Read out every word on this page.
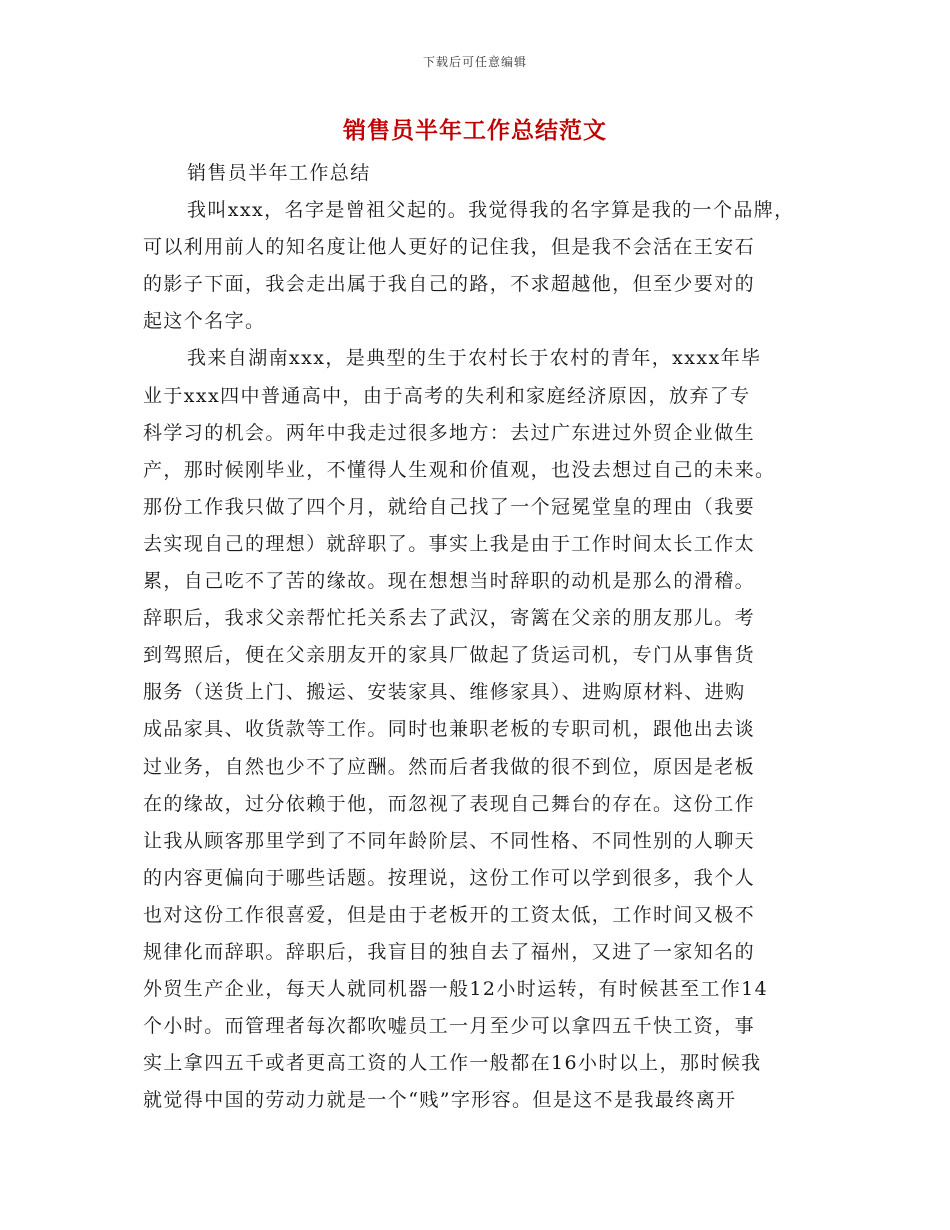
下载后可任意编辑
销售员半年工作总结范文
销售员半年工作总结
我叫xxx，名字是曾祖父起的。我觉得我的名字算是我的一个品牌，
可以利用前人的知名度让他人更好的记住我，但是我不会活在王安石
的影子下面，我会走出属于我自己的路，不求超越他，但至少要对的
起这个名字。
我来自湖南xxx，是典型的生于农村长于农村的青年，xxxx年毕
业于xxx四中普通高中，由于高考的失利和家庭经济原因，放弃了专
科学习的机会。两年中我走过很多地方：去过广东进过外贸企业做生
产，那时候刚毕业，不懂得人生观和价值观，也没去想过自己的未来。
那份工作我只做了四个月，就给自己找了一个冠冕堂皇的理由（我要
去实现自己的理想）就辞职了。事实上我是由于工作时间太长工作太
累，自己吃不了苦的缘故。现在想想当时辞职的动机是那么的滑稽。
辞职后，我求父亲帮忙托关系去了武汉，寄篱在父亲的朋友那儿。考
到驾照后，便在父亲朋友开的家具厂做起了货运司机，专门从事售货
服务（送货上门、搬运、安装家具、维修家具）、进购原材料、进购
成品家具、收货款等工作。同时也兼职老板的专职司机，跟他出去谈
过业务，自然也少不了应酬。然而后者我做的很不到位，原因是老板
在的缘故，过分依赖于他，而忽视了表现自己舞台的存在。这份工作
让我从顾客那里学到了不同年龄阶层、不同性格、不同性别的人聊天
的内容更偏向于哪些话题。按理说，这份工作可以学到很多，我个人
也对这份工作很喜爱，但是由于老板开的工资太低，工作时间又极不
规律化而辞职。辞职后，我盲目的独自去了福州，又进了一家知名的
外贸生产企业，每天人就同机器一般12小时运转，有时候甚至工作14
个小时。而管理者每次都吹嘘员工一月至少可以拿四五千快工资，事
实上拿四五千或者更高工资的人工作一般都在16小时以上，那时候我
就觉得中国的劳动力就是一个“贱”字形容。但是这不是我最终离开
